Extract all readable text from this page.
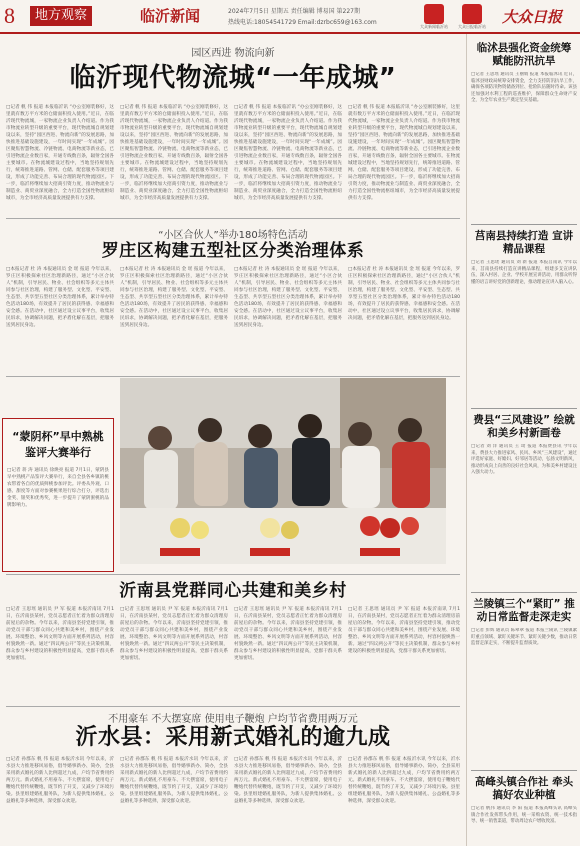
8	地方观察	临沂新闻	2024年7月5日 星期五 责任编辑 博易国 第227期
热线电话:18054541729 Email:dzrbc659@163.com
大众新闻临沂站	大众日报临沂站
大众日报
园区西进 物流向新
临沂现代物流城“一年成城”
□记者 帆 伟 报道 本报临沂讯 “办公室刚装修好，这里就有数万平方米的仓储面积投入使用。”近日，在临沂现代物流城，一家物流企业负责人介绍道。作为我市物流业转型升级的重要平台，现代物流城自规划建设以来，坚持“园区西进、物流向新”的发展思路，加快推进基础设施建设，一年时间实现“一年成城”。园区聚焦智慧物流、冷链物流、电商物流等新业态，已引进物流企业数百家，开通专线数百条，辐射全国各主要城市。在物流城建设过程中，当地坚持规划先行，统筹推进道路、管网、仓储、配套服务等项目建设，形成了功能完善、布局合理的现代物流园区。下一步，临沂将继续加大招商引资力度，推动物流业与制造业、商贸业深度融合，全力打造全国性物流枢纽城市，为全市经济高质量发展提供有力支撑。
□记者 帆 伟 报道 本报临沂讯 “办公室刚装修好，这里就有数万平方米的仓储面积投入使用。”近日，在临沂现代物流城，一家物流企业负责人介绍道。作为我市物流业转型升级的重要平台，现代物流城自规划建设以来，坚持“园区西进、物流向新”的发展思路，加快推进基础设施建设，一年时间实现“一年成城”。园区聚焦智慧物流、冷链物流、电商物流等新业态，已引进物流企业数百家，开通专线数百条，辐射全国各主要城市。在物流城建设过程中，当地坚持规划先行，统筹推进道路、管网、仓储、配套服务等项目建设，形成了功能完善、布局合理的现代物流园区。下一步，临沂将继续加大招商引资力度，推动物流业与制造业、商贸业深度融合，全力打造全国性物流枢纽城市，为全市经济高质量发展提供有力支撑。
□记者 帆 伟 报道 本报临沂讯 “办公室刚装修好，这里就有数万平方米的仓储面积投入使用。”近日，在临沂现代物流城，一家物流企业负责人介绍道。作为我市物流业转型升级的重要平台，现代物流城自规划建设以来，坚持“园区西进、物流向新”的发展思路，加快推进基础设施建设，一年时间实现“一年成城”。园区聚焦智慧物流、冷链物流、电商物流等新业态，已引进物流企业数百家，开通专线数百条，辐射全国各主要城市。在物流城建设过程中，当地坚持规划先行，统筹推进道路、管网、仓储、配套服务等项目建设，形成了功能完善、布局合理的现代物流园区。下一步，临沂将继续加大招商引资力度，推动物流业与制造业、商贸业深度融合，全力打造全国性物流枢纽城市，为全市经济高质量发展提供有力支撑。
□记者 帆 伟 报道 本报临沂讯 “办公室刚装修好，这里就有数万平方米的仓储面积投入使用。”近日，在临沂现代物流城，一家物流企业负责人介绍道。作为我市物流业转型升级的重要平台，现代物流城自规划建设以来，坚持“园区西进、物流向新”的发展思路，加快推进基础设施建设，一年时间实现“一年成城”。园区聚焦智慧物流、冷链物流、电商物流等新业态，已引进物流企业数百家，开通专线数百条，辐射全国各主要城市。在物流城建设过程中，当地坚持规划先行，统筹推进道路、管网、仓储、配套服务等项目建设，形成了功能完善、布局合理的现代物流园区。下一步，临沂将继续加大招商引资力度，推动物流业与制造业、商贸业深度融合，全力打造全国性物流枢纽城市，为全市经济高质量发展提供有力支撑。
“小区合伙人”举办180场特色活动
罗庄区构建五型社区分类治理体系
□本报记者 杜 涛 本报通讯员 金 瑶 报道 今年以来，罗庄区积极探索社区治理新路径，通过“小区合伙人”机制，引导居民、物业、社会组织等多元主体共同参与社区治理，构建了服务型、文化型、平安型、生态型、共享型五型社区分类治理体系，累计举办特色活动180场，有效提升了居民的获得感、幸福感和安全感。在活动中，社区通过设立议事平台，收集居民诉求，协调解决问题，把矛盾化解在基层，把服务送到居民身边。
□本报记者 杜 涛 本报通讯员 金 瑶 报道 今年以来，罗庄区积极探索社区治理新路径，通过“小区合伙人”机制，引导居民、物业、社会组织等多元主体共同参与社区治理，构建了服务型、文化型、平安型、生态型、共享型五型社区分类治理体系，累计举办特色活动180场，有效提升了居民的获得感、幸福感和安全感。在活动中，社区通过设立议事平台，收集居民诉求，协调解决问题，把矛盾化解在基层，把服务送到居民身边。
□本报记者 杜 涛 本报通讯员 金 瑶 报道 今年以来，罗庄区积极探索社区治理新路径，通过“小区合伙人”机制，引导居民、物业、社会组织等多元主体共同参与社区治理，构建了服务型、文化型、平安型、生态型、共享型五型社区分类治理体系，累计举办特色活动180场，有效提升了居民的获得感、幸福感和安全感。在活动中，社区通过设立议事平台，收集居民诉求，协调解决问题，把矛盾化解在基层，把服务送到居民身边。
□本报记者 杜 涛 本报通讯员 金 瑶 报道 今年以来，罗庄区积极探索社区治理新路径，通过“小区合伙人”机制，引导居民、物业、社会组织等多元主体共同参与社区治理，构建了服务型、文化型、平安型、生态型、共享型五型社区分类治理体系，累计举办特色活动180场，有效提升了居民的获得感、幸福感和安全感。在活动中，社区通过设立议事平台，收集居民诉求，协调解决问题，把矛盾化解在基层，把服务送到居民身边。
“蒙阴杯”早中熟桃鉴评大赛举行
□记者 蒋 涛 通讯员 徐焕亮 报道 7月1日，蒙阴县早中熟桃产品鉴评大赛举行，来自全县各乡镇的桃农带着各自的优质鲜桃参加评比。评委从外观、口感、甜度等方面对参赛桃果进行综合打分，评选出金奖、银奖和优秀奖，进一步提升了蒙阴蜜桃的品牌影响力。
沂南县党群同心共建和美乡村
□记者 王思瑶 通讯员 尹 军 报道 本报沂南讯 7月1日，在沂南县某村，党员志愿者正忙着为群众清理房前屋后的杂物。今年以来，沂南县坚持党建引领，推动党员干部与群众同心共建和美乡村，围绕产业发展、环境整治、乡风文明等方面开展系列活动，村容村貌焕然一新。通过“四议两公开”等民主决策机制，群众参与乡村建设的积极性明显提高，党群干群关系更加密切。
□记者 王思瑶 通讯员 尹 军 报道 本报沂南讯 7月1日，在沂南县某村，党员志愿者正忙着为群众清理房前屋后的杂物。今年以来，沂南县坚持党建引领，推动党员干部与群众同心共建和美乡村，围绕产业发展、环境整治、乡风文明等方面开展系列活动，村容村貌焕然一新。通过“四议两公开”等民主决策机制，群众参与乡村建设的积极性明显提高，党群干群关系更加密切。
□记者 王思瑶 通讯员 尹 军 报道 本报沂南讯 7月1日，在沂南县某村，党员志愿者正忙着为群众清理房前屋后的杂物。今年以来，沂南县坚持党建引领，推动党员干部与群众同心共建和美乡村，围绕产业发展、环境整治、乡风文明等方面开展系列活动，村容村貌焕然一新。通过“四议两公开”等民主决策机制，群众参与乡村建设的积极性明显提高，党群干群关系更加密切。
□记者 王思瑶 通讯员 尹 军 报道 本报沂南讯 7月1日，在沂南县某村，党员志愿者正忙着为群众清理房前屋后的杂物。今年以来，沂南县坚持党建引领，推动党员干部与群众同心共建和美乡村，围绕产业发展、环境整治、乡风文明等方面开展系列活动，村容村貌焕然一新。通过“四议两公开”等民主决策机制，群众参与乡村建设的积极性明显提高，党群干群关系更加密切。
不用豪车 不大摆宴席 使用电子鞭炮 户均节省费用两万元
沂水县：采用新式婚礼的逾九成
□记者 孙郡东 帆 伟 报道 本报沂水讯 今年以来，沂水县大力推进移风易俗，倡导婚事新办、简办，全县采用新式婚礼的新人比例超过九成，户均节省费用约两万元。新式婚礼不用豪车、不大摆宴席，使用电子鞭炮代替传统鞭炮，既节约了开支，又减少了环境污染。县里组建婚礼服务队，为新人提供集体婚礼、公益婚礼等多种选择，深受群众欢迎。
□记者 孙郡东 帆 伟 报道 本报沂水讯 今年以来，沂水县大力推进移风易俗，倡导婚事新办、简办，全县采用新式婚礼的新人比例超过九成，户均节省费用约两万元。新式婚礼不用豪车、不大摆宴席，使用电子鞭炮代替传统鞭炮，既节约了开支，又减少了环境污染。县里组建婚礼服务队，为新人提供集体婚礼、公益婚礼等多种选择，深受群众欢迎。
□记者 孙郡东 帆 伟 报道 本报沂水讯 今年以来，沂水县大力推进移风易俗，倡导婚事新办、简办，全县采用新式婚礼的新人比例超过九成，户均节省费用约两万元。新式婚礼不用豪车、不大摆宴席，使用电子鞭炮代替传统鞭炮，既节约了开支，又减少了环境污染。县里组建婚礼服务队，为新人提供集体婚礼、公益婚礼等多种选择，深受群众欢迎。
□记者 孙郡东 帆 伟 报道 本报沂水讯 今年以来，沂水县大力推进移风易俗，倡导婚事新办、简办，全县采用新式婚礼的新人比例超过九成，户均节省费用约两万元。新式婚礼不用豪车、不大摆宴席，使用电子鞭炮代替传统鞭炮，既节约了开支，又减少了环境污染。县里组建婚礼服务队，为新人提供集体婚礼、公益婚礼等多种选择，深受群众欢迎。
临沭县强化资金统筹 赋能防汛抗旱
□记者 王思瑶 通讯员 王丽娟 报道 本报临沭讯 近日，临沭县财政局统筹安排资金，全力支持防汛抗旱工作，确保各项防汛物资储备到位、抢险队伍随时待命。该县还加强对水利工程的巡查维护，保障群众生命财产安全，为全年农业生产奠定坚实基础。
莒南县持续打造 宣讲精品课程
□记者 王思瑶 通讯员 刘 新 报道 本报莒南讯 今年以来，莒南县持续打造宣讲精品课程，组建多支宣讲队伍，深入村居、企业、学校开展宣讲活动，用群众听得懂的语言讲好党的创新理论，推动理论宣讲入脑入心。
费县“三风建设” 绘就和美乡村新画卷
□记者 刘 洋 通讯员 王 琦 报道 本报费县讯 今年以来，费县大力推进家风、民风、乡风“三风建设”，通过评选好家庭、好媳妇、好邻居等活动，弘扬文明新风，推动形成向上向善的良好社会风尚，为和美乡村建设注入强大动力。
兰陵镇三个“紧盯” 推动日常监督走深走实
□记者 彭辉 通讯员 陈翠翠 报道 本报兰陵讯 兰陵镇紧盯重点领域、紧盯关键环节、紧盯关键少数，推动日常监督走深走实，不断提升监督质效。
高峰头镇合作社 牵头搞好农业种植
□记者 帆伟 通讯员 李 阳 报道 本报高峰头讯 高峰头镇合作社发挥带头作用，统一采购农资、统一技术指导、统一销售渠道，带动周边农户增收致富。
